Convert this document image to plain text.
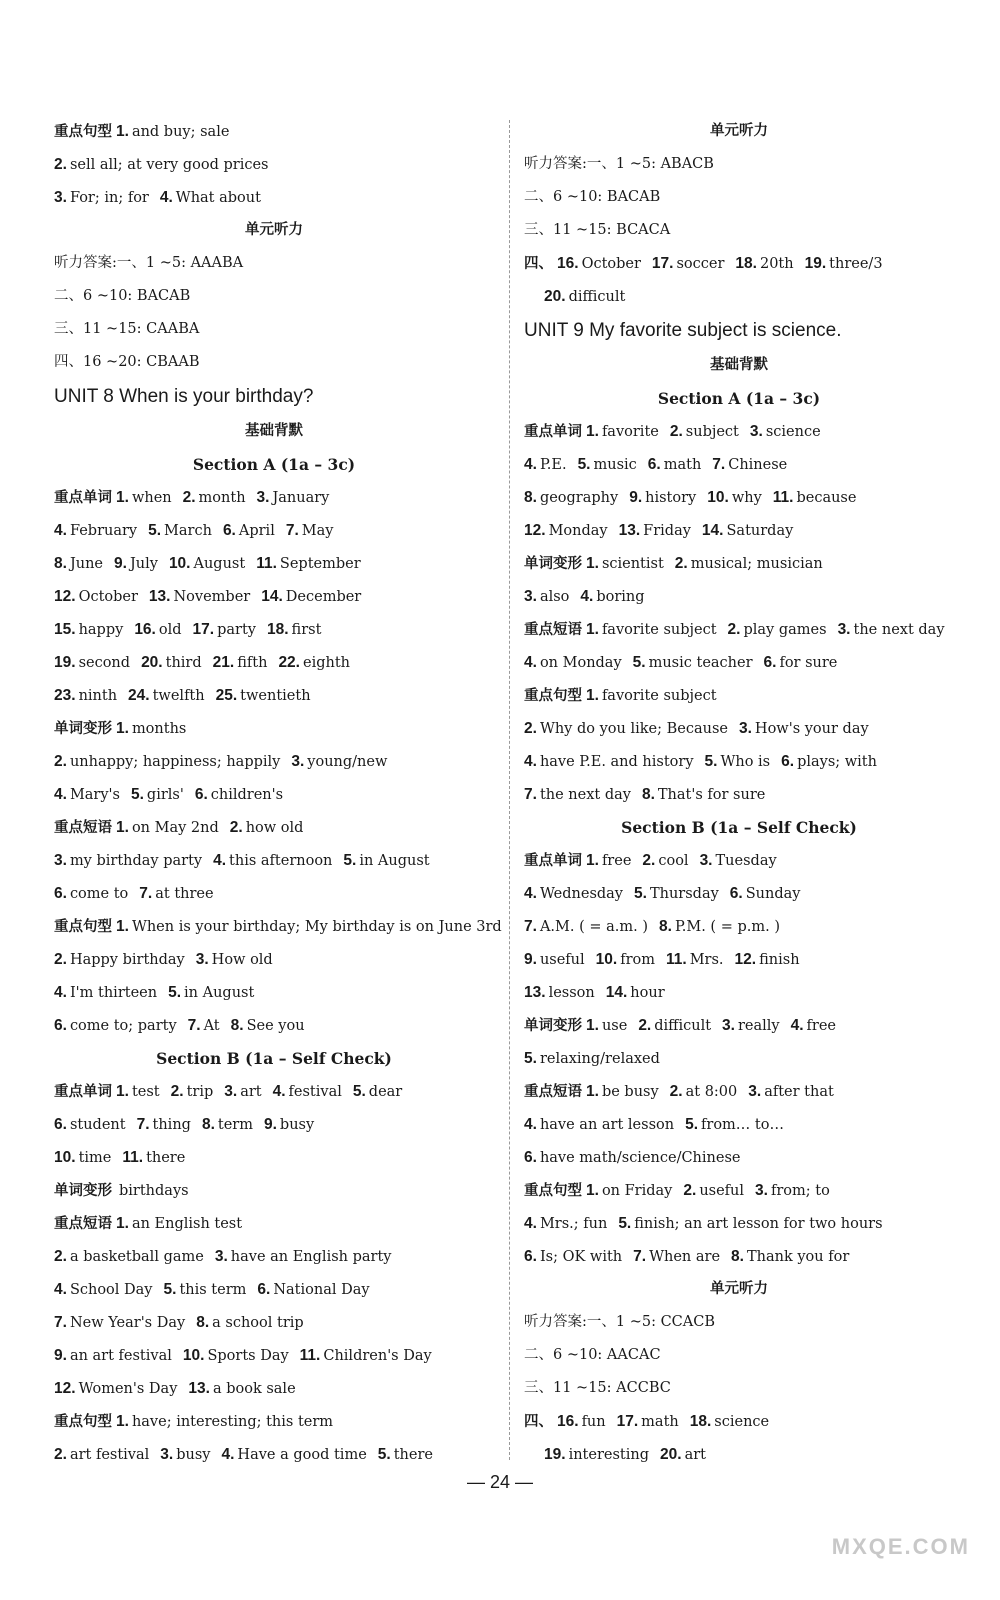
重点句型 1. and buy; sale
2. sell all; at very good prices
3. For; in; for 4. What about
单元听力
听力答案:一、1 ~5: AAABA
二、6 ~10: BACAB
三、11 ~15: CAABA
四、16 ~20: CBAAB
UNIT 8 When is your birthday?
基础背默
Section A (1a – 3c)
重点单词 1. when 2. month 3. January
4. February 5. March 6. April 7. May
8. June 9. July 10. August 11. September
12. October 13. November 14. December
15. happy 16. old 17. party 18. first
19. second 20. third 21. fifth 22. eighth
23. ninth 24. twelfth 25. twentieth
单词变形 1. months
2. unhappy; happiness; happily 3. young/new
4. Mary's 5. girls' 6. children's
重点短语 1. on May 2nd 2. how old
3. my birthday party 4. this afternoon 5. in August
6. come to 7. at three
重点句型 1. When is your birthday; My birthday is on June 3rd
2. Happy birthday 3. How old
4. I'm thirteen 5. in August
6. come to; party 7. At 8. See you
Section B (1a – Self Check)
重点单词 1. test 2. trip 3. art 4. festival 5. dear
6. student 7. thing 8. term 9. busy
10. time 11. there
单词变形 birthdays
重点短语 1. an English test
2. a basketball game 3. have an English party
4. School Day 5. this term 6. National Day
7. New Year's Day 8. a school trip
9. an art festival 10. Sports Day 11. Children's Day
12. Women's Day 13. a book sale
重点句型 1. have; interesting; this term
2. art festival 3. busy 4. Have a good time 5. there
单元听力
听力答案:一、1 ~5: ABACB
二、6 ~10: BACAB
三、11 ~15: BCACA
四、 16. October 17. soccer 18. 20th 19. three/3
20. difficult
UNIT 9 My favorite subject is science.
基础背默
Section A (1a – 3c)
重点单词 1. favorite 2. subject 3. science
4. P.E. 5. music 6. math 7. Chinese
8. geography 9. history 10. why 11. because
12. Monday 13. Friday 14. Saturday
单词变形 1. scientist 2. musical; musician
3. also 4. boring
重点短语 1. favorite subject 2. play games 3. the next day
4. on Monday 5. music teacher 6. for sure
重点句型 1. favorite subject
2. Why do you like; Because 3. How's your day
4. have P.E. and history 5. Who is 6. plays; with
7. the next day 8. That's for sure
Section B (1a – Self Check)
重点单词 1. free 2. cool 3. Tuesday
4. Wednesday 5. Thursday 6. Sunday
7. A.M. ( = a.m. ) 8. P.M. ( = p.m. )
9. useful 10. from 11. Mrs. 12. finish
13. lesson 14. hour
单词变形 1. use 2. difficult 3. really 4. free
5. relaxing/relaxed
重点短语 1. be busy 2. at 8:00 3. after that
4. have an art lesson 5. from… to…
6. have math/science/Chinese
重点句型 1. on Friday 2. useful 3. from; to
4. Mrs.; fun 5. finish; an art lesson for two hours
6. Is; OK with 7. When are 8. Thank you for
单元听力
听力答案:一、1 ~5: CCACB
二、6 ~10: AACAC
三、11 ~15: ACCBC
四、 16. fun 17. math 18. science
19. interesting 20. art
— 24 —
MXQE.COM
